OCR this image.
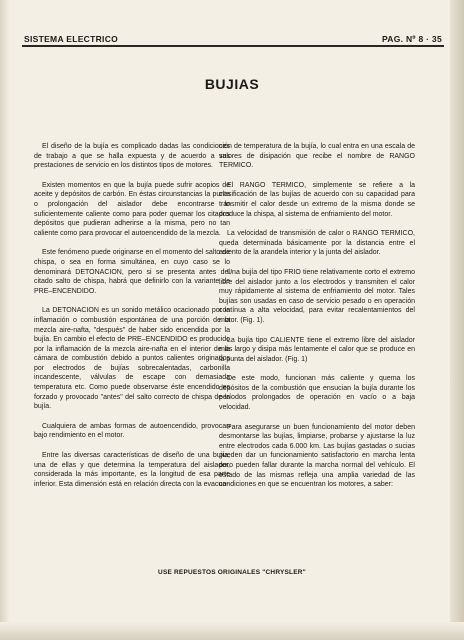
SISTEMA ELECTRICO	PAG. Nº 8 · 35
BUJIAS

El diseño de la bujía es complicado dadas las condiciones de trabajo a que se halla expuesta y de acuerdo a sus prestaciones de servicio en los distintos tipos de motores.

Existen momentos en que la bujía puede sufrir acopios de aceite y depósitos de carbón. En éstas circunstancias la punta o prolongación del aislador debe encontrarse lo suficientemente caliente como para poder quemar los citados depósitos que pudieran adherirse a la misma, pero no tan caliente como para provocar el autoencendido de la mezcla.

Este fenómeno puede originarse en el momento del salto de chispa, o sea en forma simultánea, en cuyo caso se lo denominará DETONACION, pero si se presenta antes del citado salto de chispa, habrá que definirlo con la variante de PRE–ENCENDIDO.

La DETONACION es un sonido metálico ocacionado por la inflamación o combustión espontánea de una porción de la mezcla aire-nafta, "después" de haber sido encendida por la bujía. En cambio el efecto de PRE–ENCENDIDO es producido por la inflamación de la mezcla aire-nafta en el interior de la cámara de combustión debido a puntos calientes originados por electrodos de bujías sobrecalentadas, carbonilla incandescente, válvulas de escape con demasiada temperatura etc. Como puede observarse éste encendido es forzado y provocado "antes" del salto correcto de chispa de la bujía.

Cualquiera de ambas formas de autoencendido, provocan bajo rendimiento en el motor.

Entre las diversas características de diseño de una bujía, una de ellas y que determina la temperatura del aislador, considerada la más importante, es la longitud de esa parte inferior. Esta dimensión está en relación directa con la evacua-

ción de temperatura de la bujía, lo cual entra en una escala de valores de disipación que recibe el nombre de RANGO TERMICO.

El RANGO TERMICO, simplemente se refiere a la clasificación de las bujías de acuerdo con su capacidad para transmitir el calor desde un extremo de la misma donde se produce la chispa, al sistema de enfriamiento del motor.

La velocidad de transmisión de calor o RANGO TERMICO, queda determinada básicamente por la distancia entre el asiento de la arandela interior y la junta del aislador.

Una bujía del tipo FRIO tiene relativamente corto el extremo libre del aislador junto a los electrodos y transmiten el calor muy rápidamente al sistema de enfriamiento del motor. Tales bujías son usadas en caso de servicio pesado o en operación contínua a alta velocidad, para evitar recalentamientos del motor. (Fig. 1).

La bujía tipo CALIENTE tiene el extremo libre del aislador más largo y disipa más lentamente el calor que se produce en la punta del aislador. (Fig. 1)

De este modo, funcionan más caliente y quema los depósitos de la combustión que ensucian la bujía durante los períodos prolongados de operación en vacío o a baja velocidad.

Para asegurarse un buen funcionamiento del motor deben desmontarse las bujías, limpiarse, probarse y ajustarse la luz entre electrodos cada 6.000 km. Las bujías gastadas o sucias pueden dar un funcionamiento satisfactorio en marcha lenta pero pueden fallar durante la marcha normal del vehículo. El estado de las mismas refleja una amplia variedad de las condiciones en que se encuentran los motores, a saber:

USE REPUESTOS ORIGINALES "CHRYSLER"
